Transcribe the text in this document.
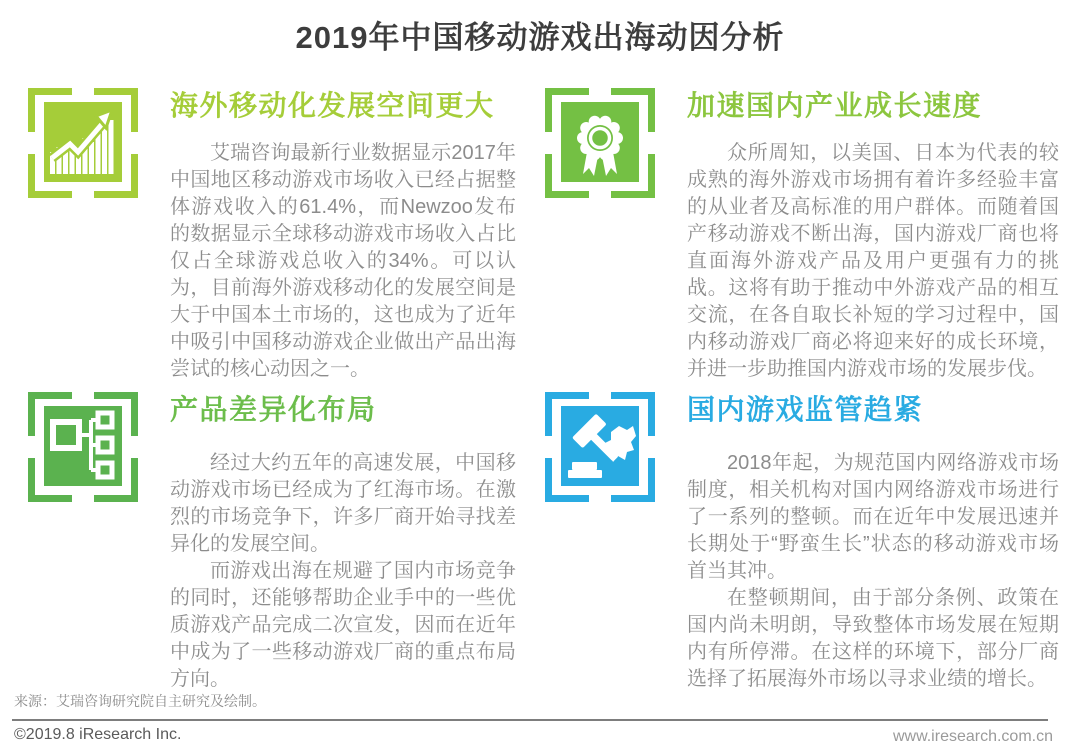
2019年中国移动游戏出海动因分析
海外移动化发展空间更大

艾瑞咨询最新行业数据显示2017年中国地区移动游戏市场收入已经占据整体游戏收入的61.4%，而Newzoo发布的数据显示全球移动游戏市场收入占比仅占全球游戏总收入的34%。可以认为，目前海外游戏移动化的发展空间是大于中国本土市场的，这也成为了近年中吸引中国移动游戏企业做出产品出海尝试的核心动因之一。

加速国内产业成长速度

众所周知，以美国、日本为代表的较成熟的海外游戏市场拥有着许多经验丰富的从业者及高标准的用户群体。而随着国产移动游戏不断出海，国内游戏厂商也将直面海外游戏产品及用户更强有力的挑战。这将有助于推动中外游戏产品的相互交流，在各自取长补短的学习过程中，国内移动游戏厂商必将迎来好的成长环境，并进一步助推国内游戏市场的发展步伐。

产品差异化布局

经过大约五年的高速发展，中国移动游戏市场已经成为了红海市场。在激烈的市场竞争下，许多厂商开始寻找差异化的发展空间。

而游戏出海在规避了国内市场竞争的同时，还能够帮助企业手中的一些优质游戏产品完成二次宣发，因而在近年中成为了一些移动游戏厂商的重点布局方向。

国内游戏监管趋紧

2018年起，为规范国内网络游戏市场制度，相关机构对国内网络游戏市场进行了一系列的整顿。而在近年中发展迅速并长期处于“野蛮生长”状态的移动游戏市场首当其冲。

在整顿期间，由于部分条例、政策在国内尚未明朗，导致整体市场发展在短期内有所停滞。在这样的环境下，部分厂商选择了拓展海外市场以寻求业绩的增长。

来源：艾瑞咨询研究院自主研究及绘制。
©2019.8 iResearch Inc.	www.iresearch.com.cn
